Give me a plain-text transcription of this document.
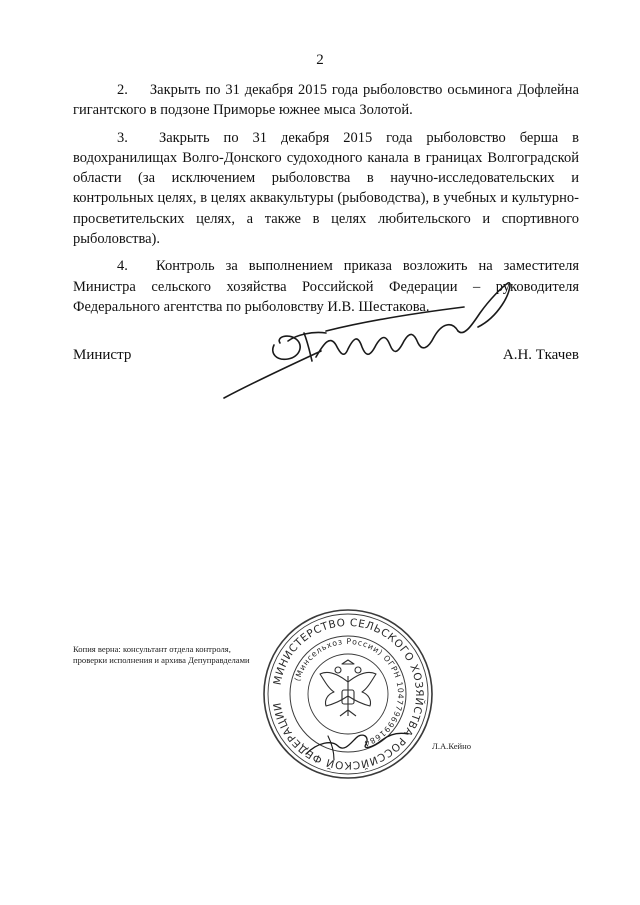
2

2. Закрыть по 31 декабря 2015 года рыболовство осьминога Дофлейна гигантского в подзоне Приморье южнее мыса Золотой.

3. Закрыть по 31 декабря 2015 года рыболовство берша в водохранилищах Волго-Донского судоходного канала в границах Волгоградской области (за исключением рыболовства в научно-исследовательских и контрольных целях, в целях аквакультуры (рыбоводства), в учебных и культурно-просветительских целях, а также в целях любительского и спортивного рыболовства).

4. Контроль за выполнением приказа возложить на заместителя Министра сельского хозяйства Российской Федерации – руководителя Федерального агентства по рыболовству И.В. Шестакова.

Министр	А.Н. Ткачев
Копия верна: консультант отдела контроля, проверки исполнения и архива Депуправделами
МИНИСТЕРСТВО СЕЛЬСКОГО ХОЗЯЙСТВА РОССИЙСКОЙ ФЕДЕРАЦИИ
(Минсельхоз России) ОГРН 1047796991684	Л.А.Кейно
